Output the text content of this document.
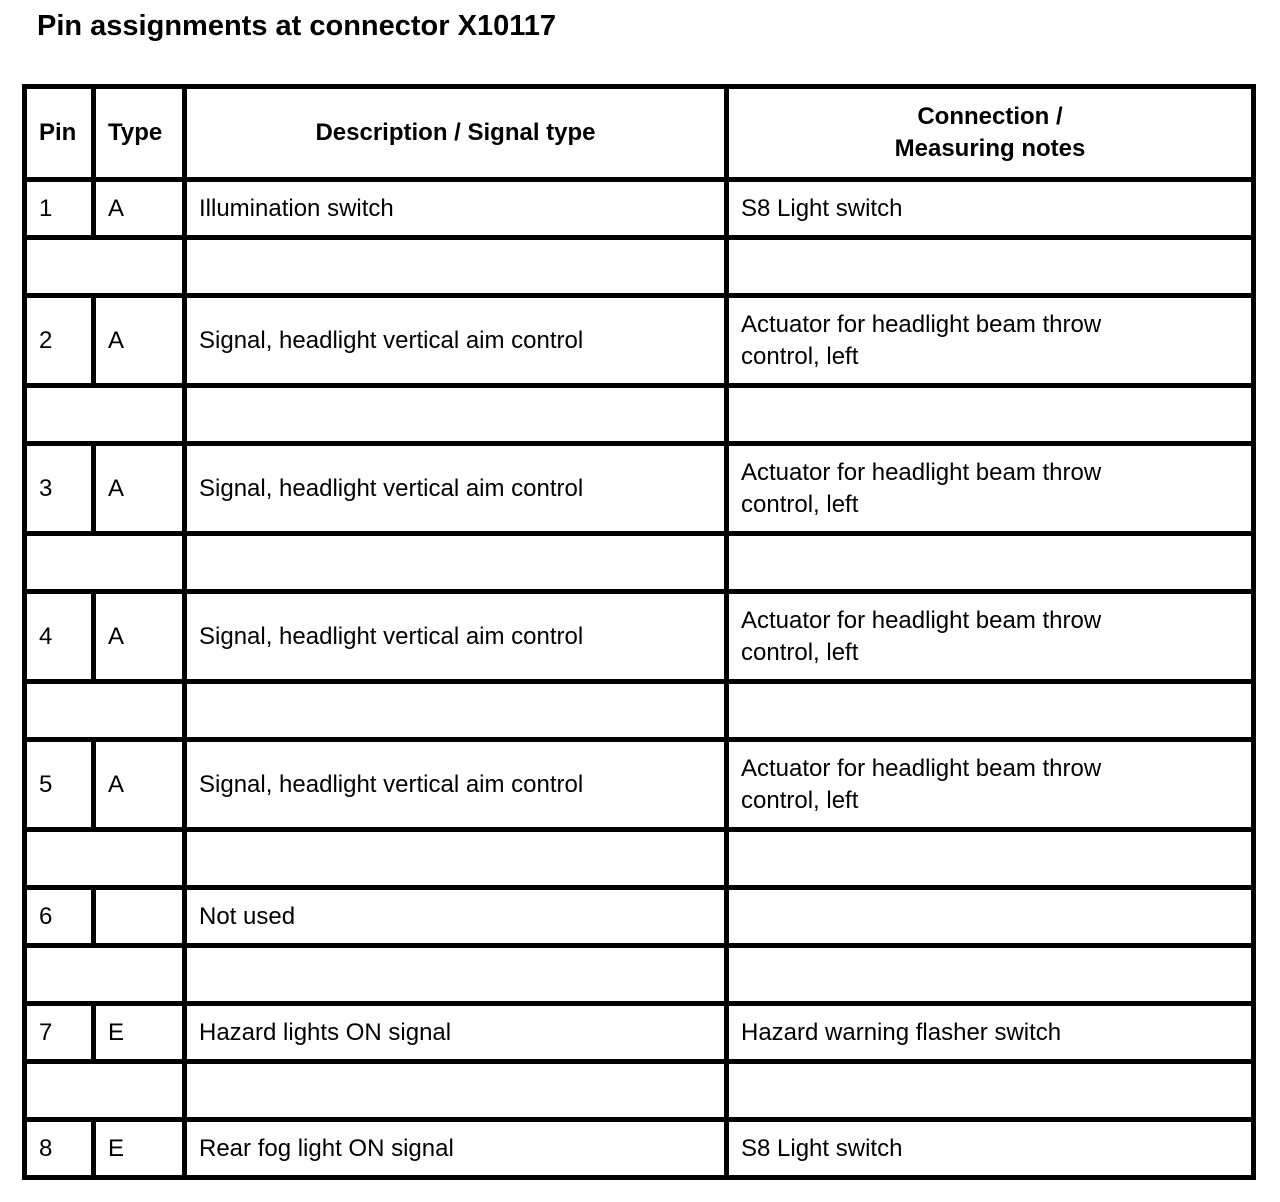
Pin assignments at connector X10117
Pin	Type	Description / Signal type	Connection /
Measuring notes

1	A	Illumination switch	S8 Light switch

2	A	Signal, headlight vertical aim control	Actuator for headlight beam throw
control, left

3	A	Signal, headlight vertical aim control	Actuator for headlight beam throw
control, left

4	A	Signal, headlight vertical aim control	Actuator for headlight beam throw
control, left

5	A	Signal, headlight vertical aim control	Actuator for headlight beam throw
control, left

6		Not used	

7	E	Hazard lights ON signal	Hazard warning flasher switch

8	E	Rear fog light ON signal	S8 Light switch
